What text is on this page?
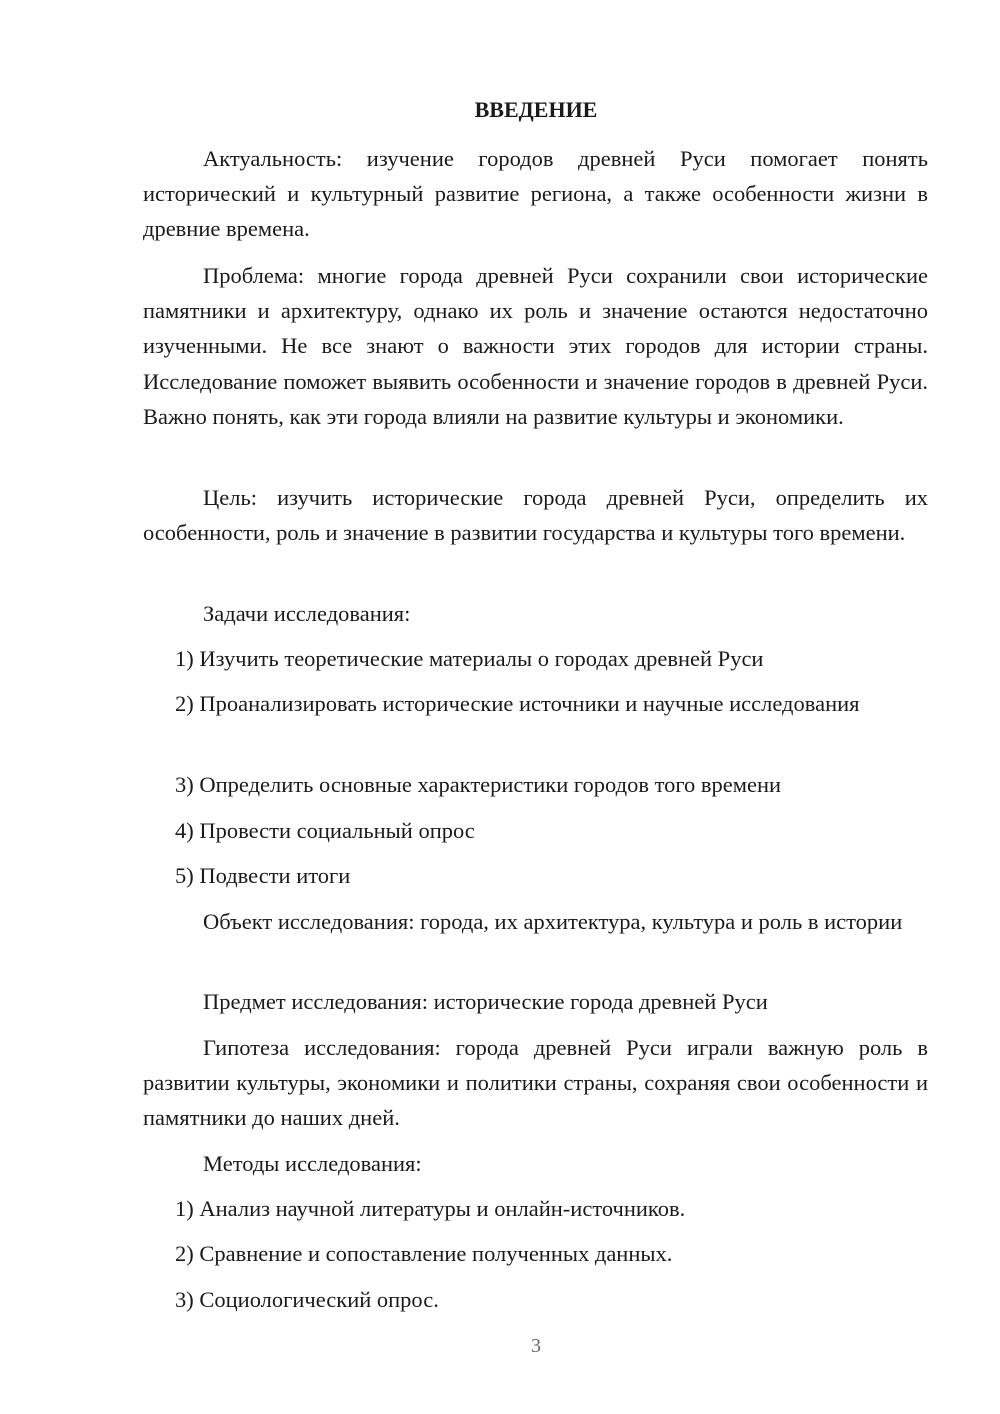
ВВЕДЕНИЕ

Актуальность: изучение городов древней Руси помогает понять исторический и культурный развитие региона, а также особенности жизни в древние времена.

Проблема: многие города древней Руси сохранили свои исторические памятники и архитектуру, однако их роль и значение остаются недостаточно изученными. Не все знают о важности этих городов для истории страны. Исследование поможет выявить особенности и значение городов в древней Руси. Важно понять, как эти города влияли на развитие культуры и экономики.

Цель: изучить исторические города древней Руси, определить их особенности, роль и значение в развитии государства и культуры того времени.

Задачи исследования:

1) Изучить теоретические материалы о городах древней Руси

2) Проанализировать исторические источники и научные исследования

3) Определить основные характеристики городов того времени

4) Провести социальный опрос

5) Подвести итоги

Объект исследования: города, их архитектура, культура и роль в истории

Предмет исследования: исторические города древней Руси

Гипотеза исследования: города древней Руси играли важную роль в развитии культуры, экономики и политики страны, сохраняя свои особенности и памятники до наших дней.

Методы исследования:

1) Анализ научной литературы и онлайн-источников.

2) Сравнение и сопоставление полученных данных.

3) Социологический опрос.

3
